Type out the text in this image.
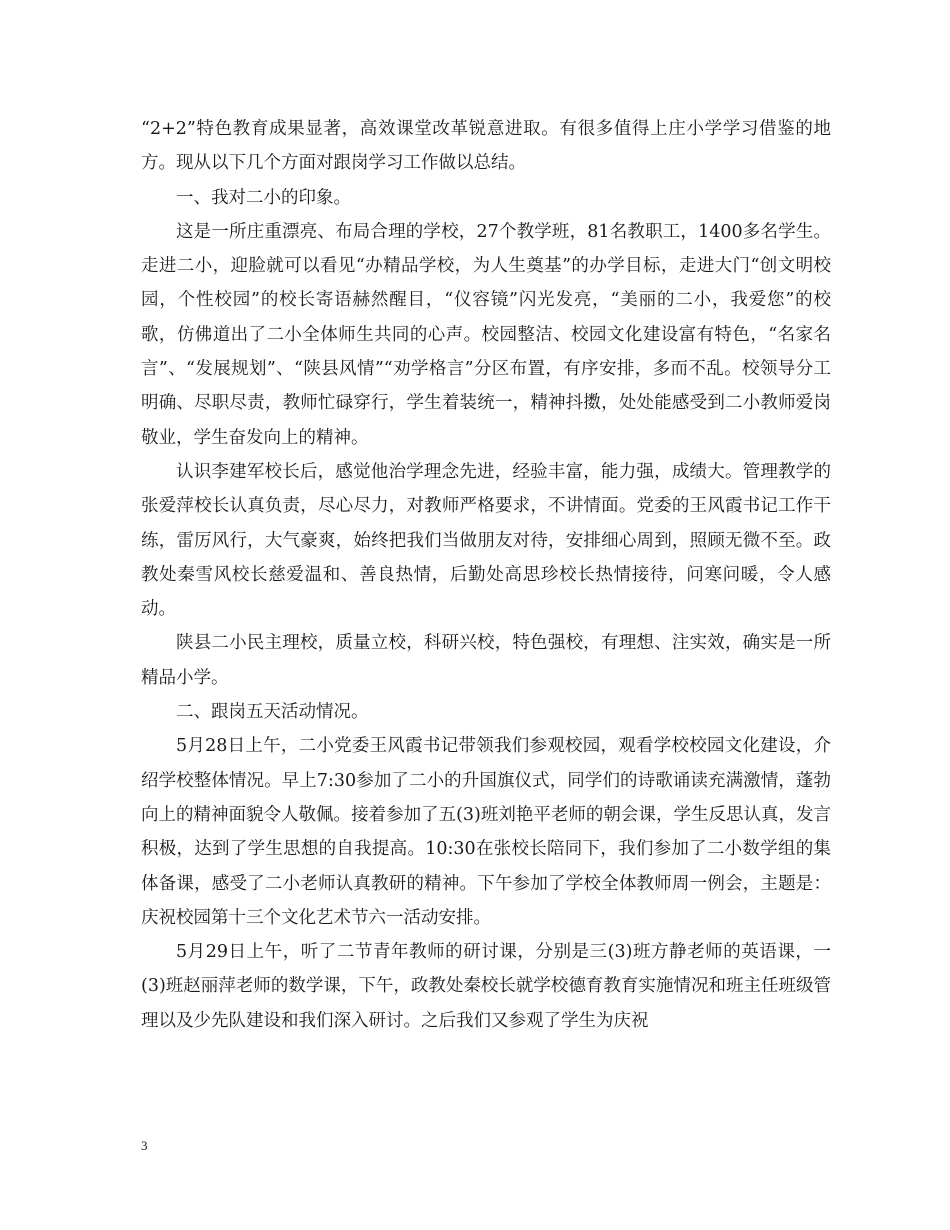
“2+2”特色教育成果显著，高效课堂改革锐意进取。有很多值得上庄小学学习借鉴的地方。现从以下几个方面对跟岗学习工作做以总结。

一、我对二小的印象。

这是一所庄重漂亮、布局合理的学校，27个教学班，81名教职工，1400多名学生。走进二小，迎脸就可以看见“办精品学校，为人生奠基”的办学目标，走进大门“创文明校园，个性校园”的校长寄语赫然醒目，“仪容镜”闪光发亮，“美丽的二小，我爱您”的校歌，仿佛道出了二小全体师生共同的心声。校园整洁、校园文化建设富有特色，“名家名言”、“发展规划”、“陕县风情”“劝学格言”分区布置，有序安排，多而不乱。校领导分工明确、尽职尽责，教师忙碌穿行，学生着装统一，精神抖擞，处处能感受到二小教师爱岗敬业，学生奋发向上的精神。

认识李建军校长后，感觉他治学理念先进，经验丰富，能力强，成绩大。管理教学的张爱萍校长认真负责，尽心尽力，对教师严格要求，不讲情面。党委的王风霞书记工作干练，雷厉风行，大气豪爽，始终把我们当做朋友对待，安排细心周到，照顾无微不至。政教处秦雪风校长慈爱温和、善良热情，后勤处高思珍校长热情接待，问寒问暖，令人感动。

陕县二小民主理校，质量立校，科研兴校，特色强校，有理想、注实效，确实是一所精品小学。

二、跟岗五天活动情况。

5月28日上午，二小党委王风霞书记带领我们参观校园，观看学校校园文化建设，介绍学校整体情况。早上7:30参加了二小的升国旗仪式，同学们的诗歌诵读充满激情，蓬勃向上的精神面貌令人敬佩。接着参加了五(3)班刘艳平老师的朝会课，学生反思认真，发言积极，达到了学生思想的自我提高。10:30在张校长陪同下，我们参加了二小数学组的集体备课，感受了二小老师认真教研的精神。下午参加了学校全体教师周一例会，主题是：庆祝校园第十三个文化艺术节六一活动安排。

5月29日上午，听了二节青年教师的研讨课，分别是三(3)班方静老师的英语课，一(3)班赵丽萍老师的数学课，下午，政教处秦校长就学校德育教育实施情况和班主任班级管理以及少先队建设和我们深入研讨。之后我们又参观了学生为庆祝

3
